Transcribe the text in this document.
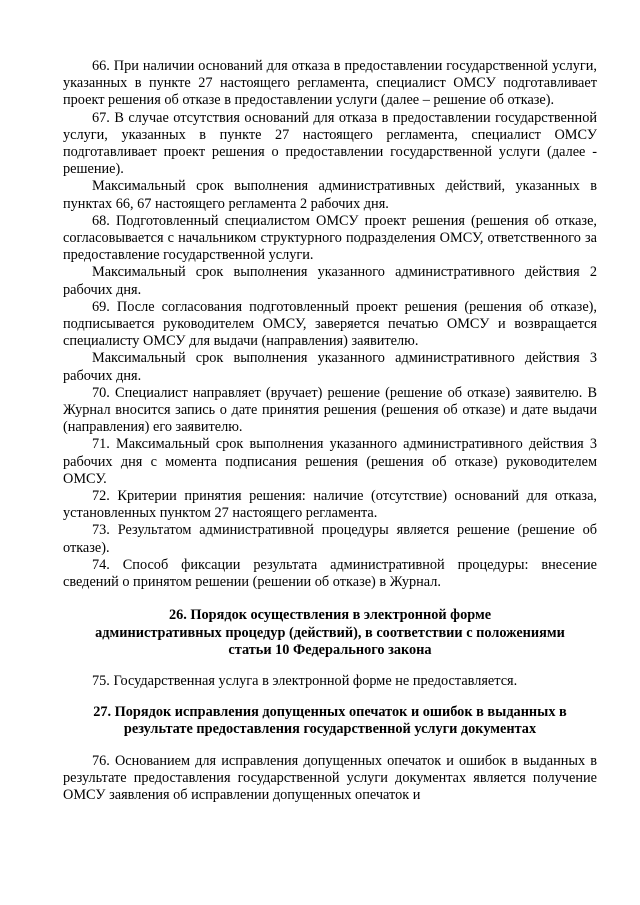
66. При наличии оснований для отказа в предоставлении государственной услуги, указанных в пункте 27 настоящего регламента, специалист ОМСУ подготавливает проект решения об отказе в предоставлении услуги (далее – решение об отказе).

67. В случае отсутствия оснований для отказа в предоставлении государственной услуги, указанных в пункте 27 настоящего регламента, специалист ОМСУ подготавливает проект решения о предоставлении государственной услуги (далее - решение).

Максимальный срок выполнения административных действий, указанных в пунктах 66, 67 настоящего регламента 2 рабочих дня.

68. Подготовленный специалистом ОМСУ проект решения (решения об отказе, согласовывается с начальником структурного подразделения ОМСУ, ответственного за предоставление государственной услуги.

Максимальный срок выполнения указанного административного действия 2 рабочих дня.

69. После согласования подготовленный проект решения (решения об отказе), подписывается руководителем ОМСУ, заверяется печатью ОМСУ и возвращается специалисту ОМСУ для выдачи (направления) заявителю.

Максимальный срок выполнения указанного административного действия 3 рабочих дня.

70. Специалист направляет (вручает) решение (решение об отказе) заявителю. В Журнал вносится запись о дате принятия решения (решения об отказе) и дате выдачи (направления) его заявителю.

71. Максимальный срок выполнения указанного административного действия 3 рабочих дня с момента подписания решения (решения об отказе) руководителем ОМСУ.

72. Критерии принятия решения: наличие (отсутствие) оснований для отказа, установленных пунктом 27 настоящего регламента.

73. Результатом административной процедуры является решение (решение об отказе).

74. Способ фиксации результата административной процедуры: внесение сведений о принятом решении (решении об отказе) в Журнал.

26. Порядок осуществления в электронной форме

административных процедур (действий), в соответствии с положениями

статьи 10 Федерального закона

75. Государственная услуга в электронной форме не предоставляется.

27. Порядок исправления допущенных опечаток и ошибок в выданных в

результате предоставления государственной услуги документах

76. Основанием для исправления допущенных опечаток и ошибок в выданных в результате предоставления государственной услуги документах является получение ОМСУ заявления об исправлении допущенных опечаток и
